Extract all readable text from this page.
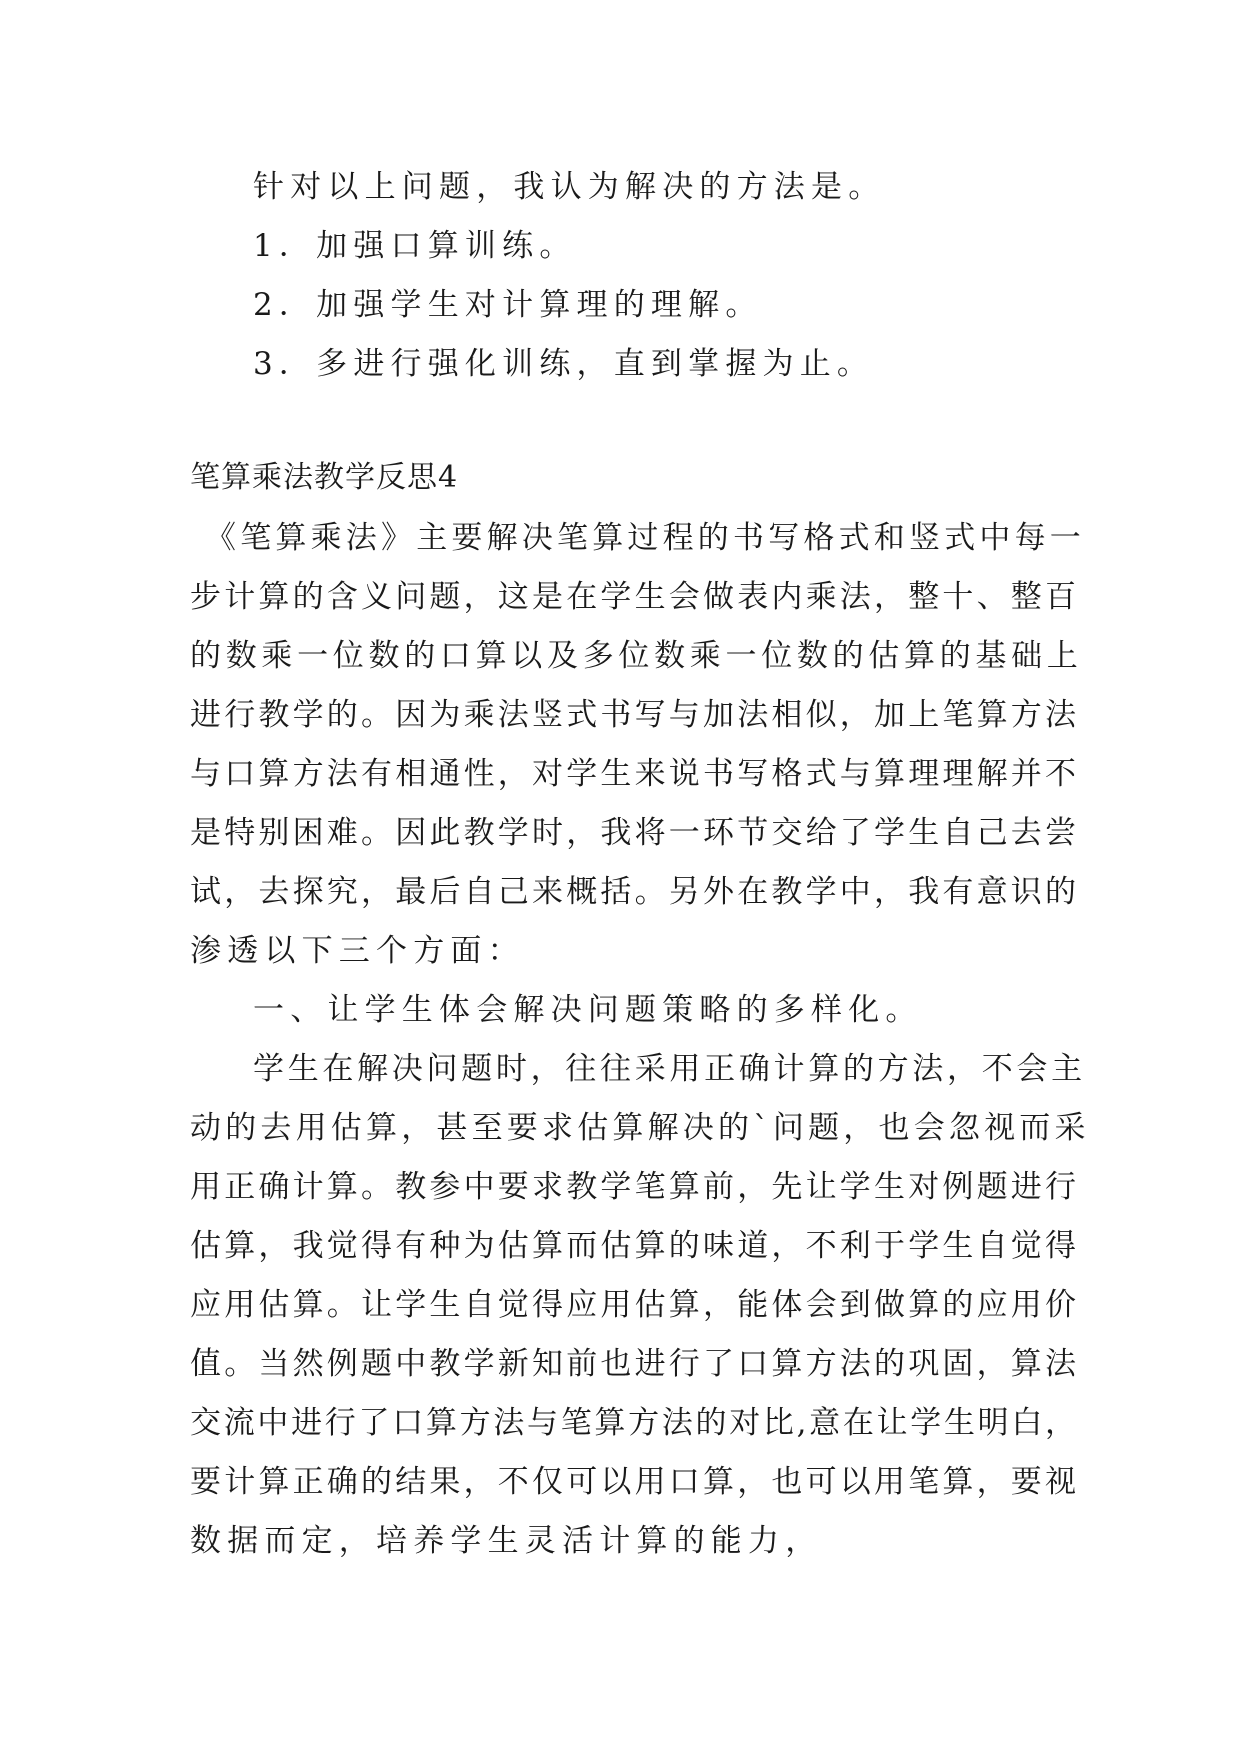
针对以上问题，我认为解决的方法是。
1．加强口算训练。
2．加强学生对计算理的理解。
3．多进行强化训练，直到掌握为止。
笔算乘法教学反思4
《笔算乘法》主要解决笔算过程的书写格式和竖式中每一
步计算的含义问题，这是在学生会做表内乘法，整十、整百
的数乘一位数的口算以及多位数乘一位数的估算的基础上
进行教学的。因为乘法竖式书写与加法相似，加上笔算方法
与口算方法有相通性，对学生来说书写格式与算理理解并不
是特别困难。因此教学时，我将一环节交给了学生自己去尝
试，去探究，最后自己来概括。另外在教学中，我有意识的
渗透以下三个方面：
一、让学生体会解决问题策略的多样化。
学生在解决问题时，往往采用正确计算的方法，不会主
动的去用估算，甚至要求估算解决的`问题，也会忽视而采
用正确计算。教参中要求教学笔算前，先让学生对例题进行
估算，我觉得有种为估算而估算的味道，不利于学生自觉得
应用估算。让学生自觉得应用估算，能体会到做算的应用价
值。当然例题中教学新知前也进行了口算方法的巩固，算法
交流中进行了口算方法与笔算方法的对比,意在让学生明白，
要计算正确的结果，不仅可以用口算，也可以用笔算，要视
数据而定，培养学生灵活计算的能力，
